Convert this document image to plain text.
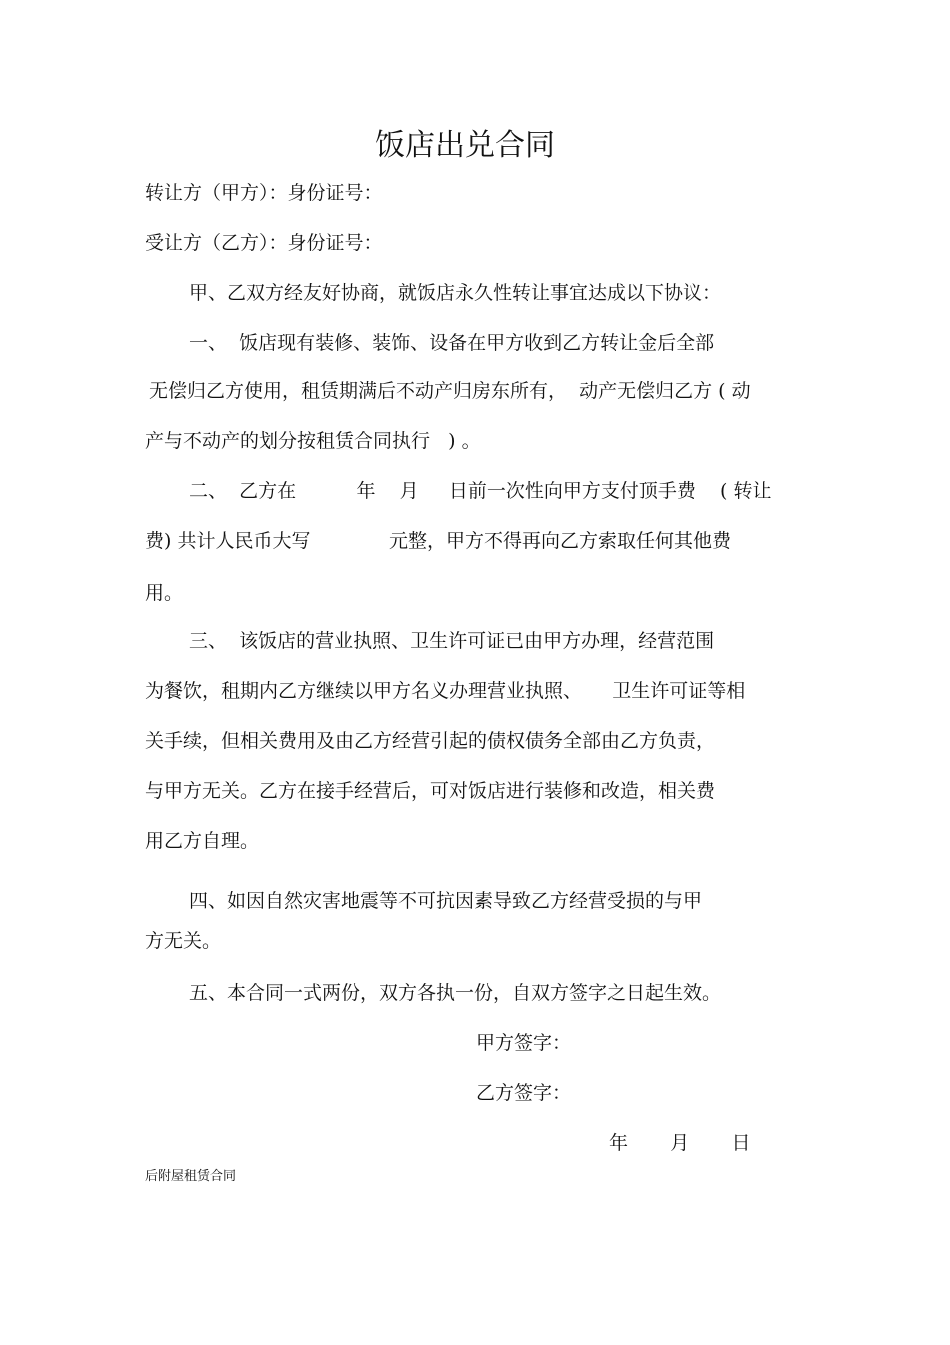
饭店出兑合同
转让方（甲方）：身份证号：
受让方（乙方）：身份证号：
甲、乙双方经友好协商，就饭店永久性转让事宜达成以下协议：
一、  饭店现有装修、装饰、设备在甲方收到乙方转让金后全部
无偿归乙方使用，租赁期满后不动产归房东所有，  动产无偿归乙方 ( 动
产与不动产的划分按租赁合同执行   ) 。
二、  乙方在          年    月     日前一次性向甲方支付顶手费    ( 转让
费) 共计人民币大写             元整，甲方不得再向乙方索取任何其他费
用。
三、  该饭店的营业执照、卫生许可证已由甲方办理，经营范围
为餐饮，租期内乙方继续以甲方名义办理营业执照、     卫生许可证等相
关手续，但相关费用及由乙方经营引起的债权债务全部由乙方负责，
与甲方无关。乙方在接手经营后，可对饭店进行装修和改造，相关费
用乙方自理。
四、如因自然灾害地震等不可抗因素导致乙方经营受损的与甲
方无关。
五、本合同一式两份，双方各执一份，自双方签字之日起生效。
甲方签字：
乙方签字：
年       月       日
后附屋租赁合同
